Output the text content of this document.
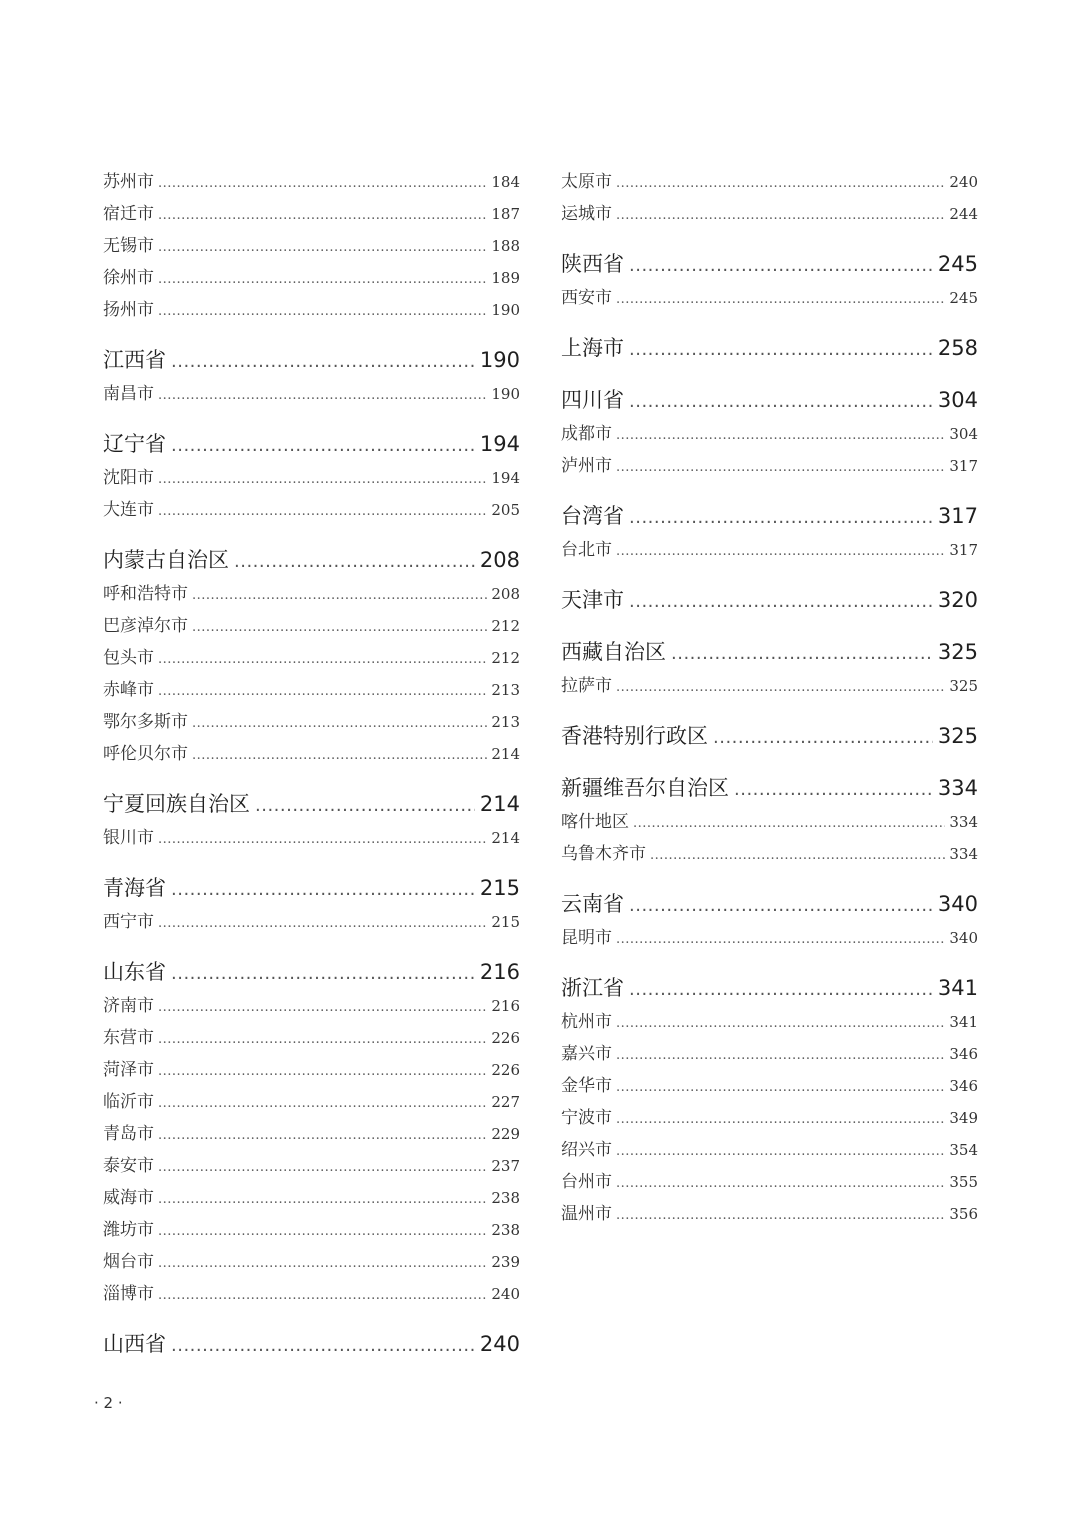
苏州市 .....	184
宿迁市 .....	187
无锡市 .....	188
徐州市 .....	189
扬州市 .....	190
江西省 .....	190
南昌市 .....	190
辽宁省 .....	194
沈阳市 .....	194
大连市 .....	205
内蒙古自治区 .....	208
呼和浩特市 .....	208
巴彦淖尔市 .....	212
包头市 .....	212
赤峰市 .....	213
鄂尔多斯市 .....	213
呼伦贝尔市 .....	214
宁夏回族自治区 .....	214
银川市 .....	214
青海省 .....	215
西宁市 .....	215
山东省 .....	216
济南市 .....	216
东营市 .....	226
菏泽市 .....	226
临沂市 .....	227
青岛市 .....	229
泰安市 .....	237
威海市 .....	238
潍坊市 .....	238
烟台市 .....	239
淄博市 .....	240
山西省 .....	240
太原市 .....	240
运城市 .....	244
陕西省 .....	245
西安市 .....	245
上海市 .....	258
四川省 .....	304
成都市 .....	304
泸州市 .....	317
台湾省 .....	317
台北市 .....	317
天津市 .....	320
西藏自治区 .....	325
拉萨市 .....	325
香港特别行政区 .....	325
新疆维吾尔自治区 .....	334
喀什地区 .....	334
乌鲁木齐市 .....	334
云南省 .....	340
昆明市 .....	340
浙江省 .....	341
杭州市 .....	341
嘉兴市 .....	346
金华市 .....	346
宁波市 .....	349
绍兴市 .....	354
台州市 .....	355
温州市 .....	356
· 2 ·
